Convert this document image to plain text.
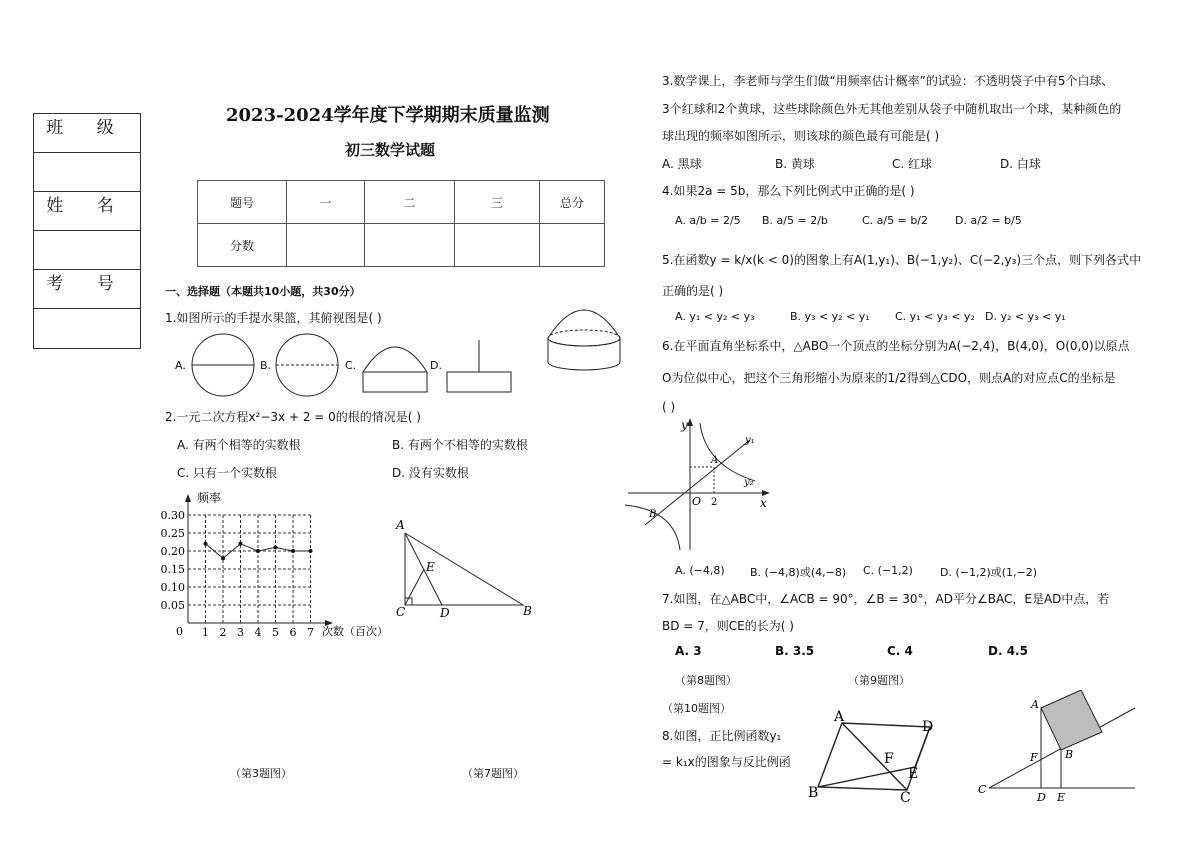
班 级
姓 名
考 号
2023-2024学年度下学期期末质量监测
初三数学试题
题号	一	二	三	总分
分数				
一、选择题（本题共10小题，共30分）
1.如图所示的手提水果篮，其俯视图是( )
A.	B.	C.	D.
2.一元二次方程x²−3x + 2 = 0的根的情况是( )
A. 有两个相等的实数根	B. 有两个不相等的实数根
C. 只有一个实数根	D. 没有实数根
0.05
0.10
0.15
0.20
0.25
0.30
1 2 3 4 5 6 7
频率
次数（百次）
0
（第3题图）
A
C	D
E
B
（第7题图）
3.数学课上，李老师与学生们做“用频率估计概率”的试验：不透明袋子中有5个白球、
3个红球和2个黄球，这些球除颜色外无其他差别从袋子中随机取出一个球，某种颜色的
球出现的频率如图所示，则该球的颜色最有可能是( )
A. 黑球	B. 黄球	C. 红球	D. 白球
4.如果2a = 5b，那么下列比例式中正确的是( )
A. a/b = 2/5 B. a/5 = 2/b	C. a/5 = b/2 D. a/2 = b/5
5.在函数y = k/x(k < 0)的图象上有A(1,y₁)、B(−1,y₂)、C(−2,y₃)三个点，则下列各式中
正确的是( )
A. y₁ < y₂ < y₃	B. y₃ < y₂ < y₁ C. y₁ < y₃ < y₂ D. y₂ < y₃ < y₁
6.在平面直角坐标系中，△ABO一个顶点的坐标分别为A(−2,4)，B(4,0)，O(0,0)以原点
O为位似中心，把这个三角形缩小为原来的1/2得到△CDO，则点A的对应点C的坐标是
( )
y
x
O 2
A
B
y₁
y₂
A. (−4,8) B. (−4,8)或(4,−8) C. (−1,2) D. (−1,2)或(1,−2)
7.如图，在△ABC中，∠ACB = 90°，∠B = 30°，AD平分∠BAC，E是AD中点，若
BD = 7，则CE的长为( )
A. 3	B. 3.5	C. 4	D. 4.5
（第8题图）	（第9题图）
（第10题图）
8.如图，正比例函数y₁
= k₁x的图象与反比例函
A
D
B	C
E
F
A
B
C
D E
F
